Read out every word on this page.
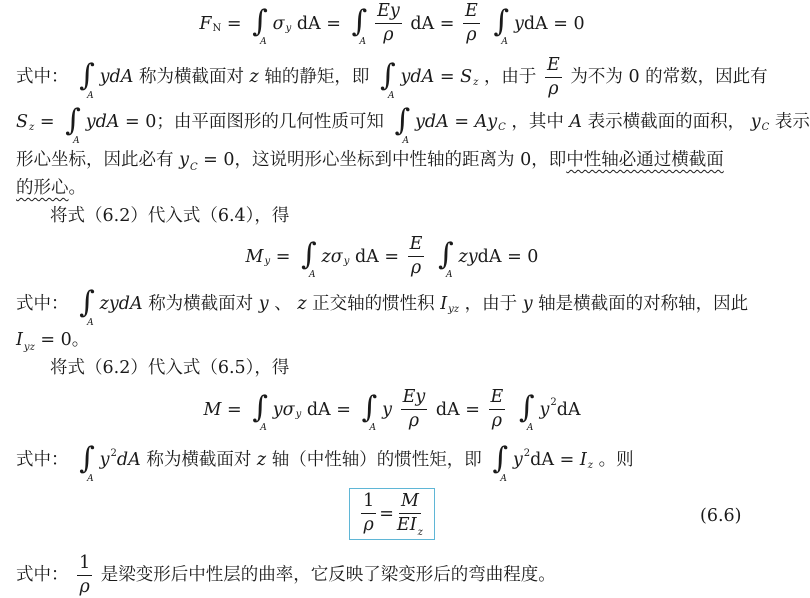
FN = ∫
A
σy dA = ∫
A
$\frac{Ey}{\rho}$ dA = $\frac{E}{\rho}$
∫
A
ydA = 0
式中： ∫
A
ydA 称为横截面对 z 轴的静矩，即 ∫
A
ydA = Sz ，由于 $\frac{E}{\rho}$ 为不为 0 的常数，因此有
Sz = ∫
A
ydA = 0；由平面图形的几何性质可知 ∫
A
ydA = AyC ，其中 A 表示横截面的面积， yC 表示
形心坐标，因此必有 $y_C = 0$，这说明形心坐标到中性轴的距离为 0，即中性轴必通过横截面
的形心。
将式（6.2）代入式（6.4），得
My = ∫
A
zσy dA = $\frac{E}{\rho}$
∫
A
zydA = 0
式中： ∫
A
zydA 称为横截面对 y 、 z 正交轴的惯性积 Iyz ，由于 y 轴是横截面的对称轴，因此
$I_{yz} = 0$。
将式（6.2）代入式（6.5），得
M = ∫
A
yσy dA = ∫
A
y $\frac{Ey}{\rho}$ dA = $\frac{E}{\rho}$
∫
A
y2dA
式中： ∫
A
y2dA 称为横截面对 z 轴（中性轴）的惯性矩，即 ∫
A
y2dA = Iz 。则
$\frac{1}{\rho} = \frac{M}{EI_z}$	(6.6)
式中： $\frac{1}{\rho}$ 是梁变形后中性层的曲率，它反映了梁变形后的弯曲程度。
